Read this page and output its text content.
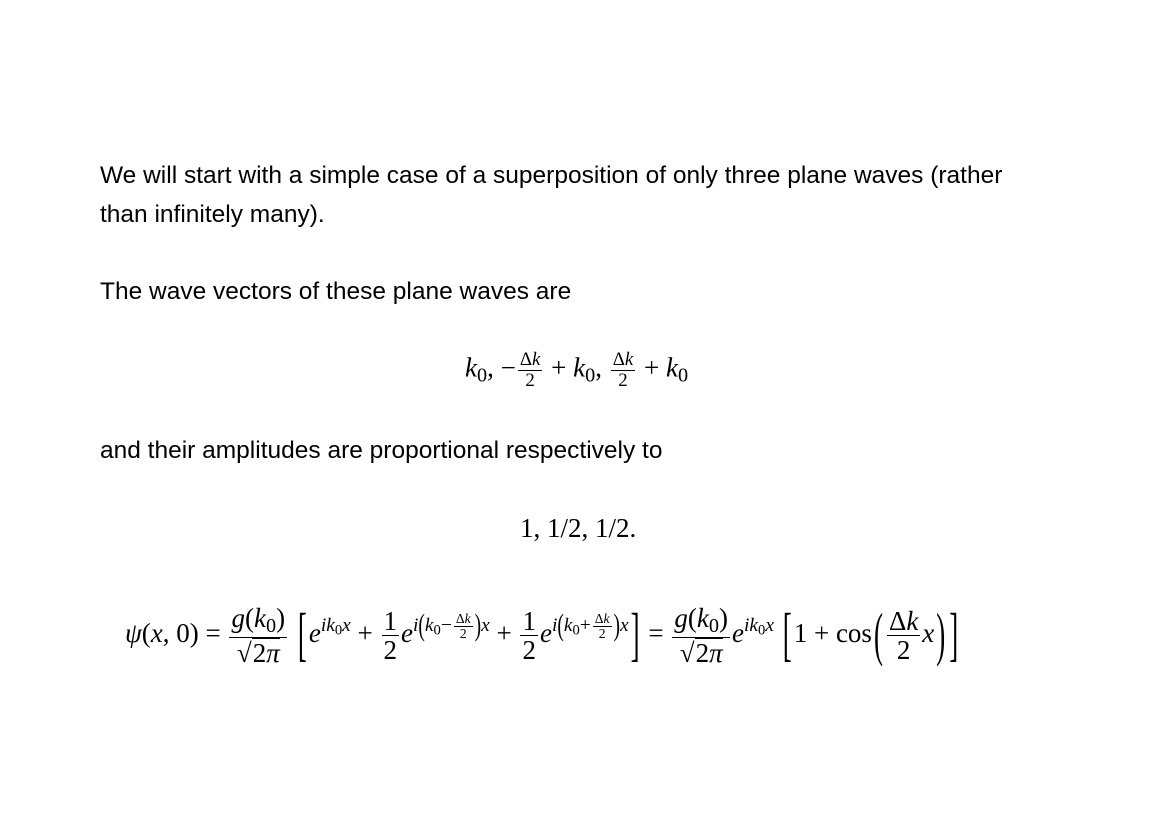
We will start with a simple case of a superposition of only three plane waves (rather

than infinitely many).

The wave vectors of these plane waves are

$k_0$, − $\frac{\Delta k}{2} + k_0$, $\frac{\Delta k}{2} + k_0$

and their amplitudes are proportional respectively to

1, 1/2, 1/2.
ψ(x, $0) = \frac{g(k_0)}{√2\pi} [e^{ik_0x} + \frac{1}{2} e^{i(k_0- \frac{\Delta k}{2} )x} + \frac{1}{2} e^{i(k_0+ \frac{\Delta k}{2} )x}] = \frac{g(k_0)}{√2\pi} e^{ik_0x}$ [$1 + \cos( \frac{\Delta k}{2} x)$ ]
